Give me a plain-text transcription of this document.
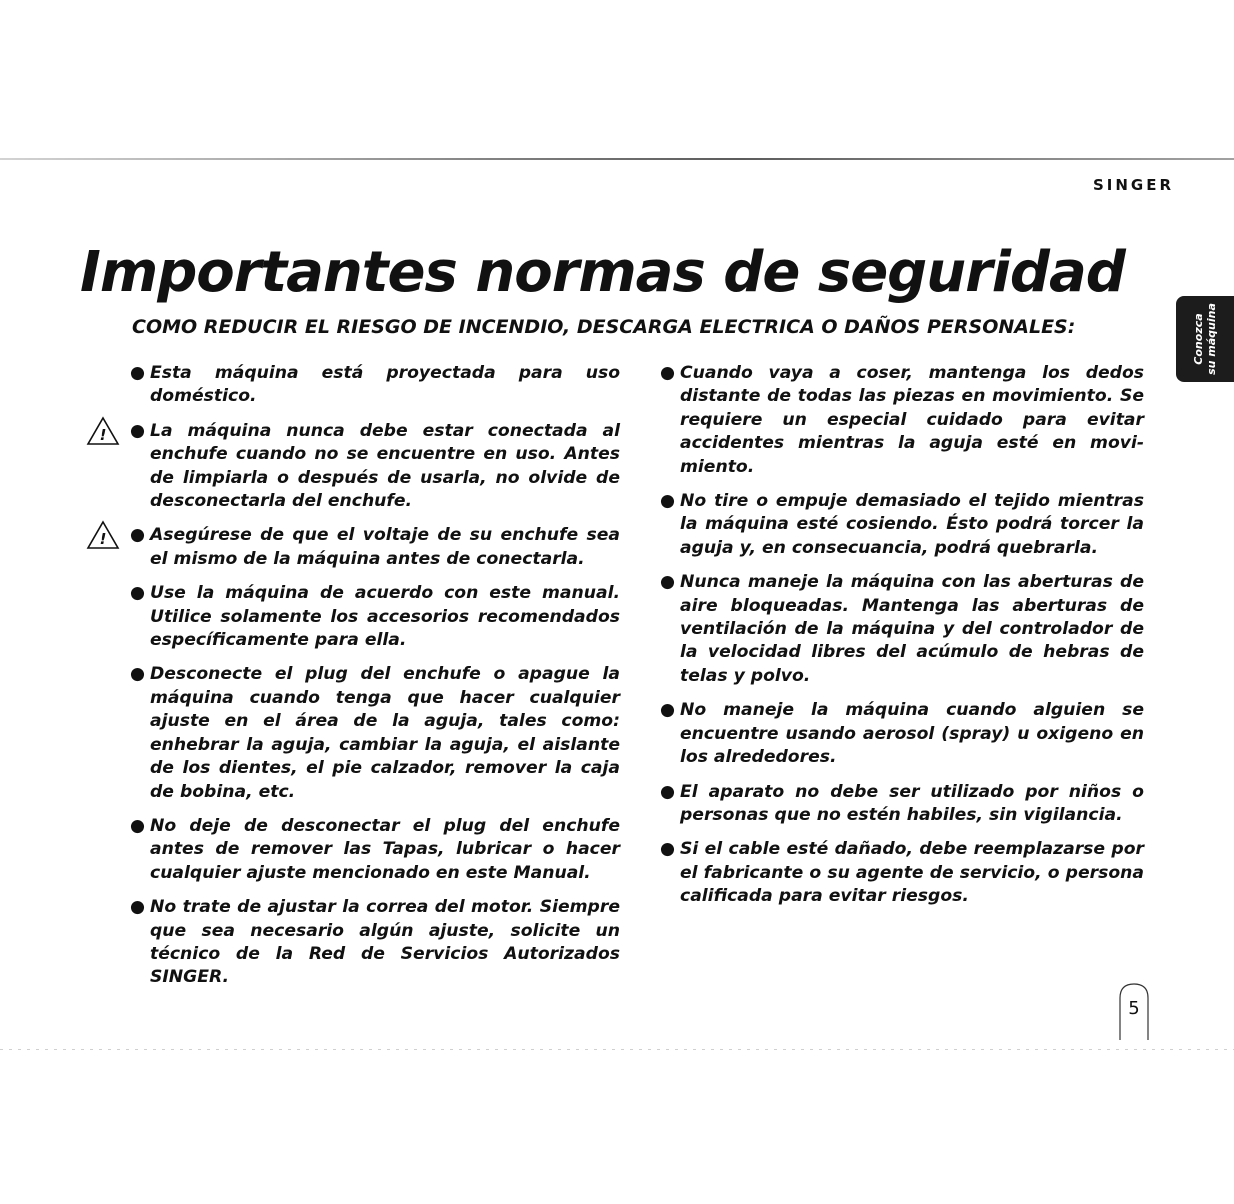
SINGER
Importantes normas de seguridad
COMO REDUCIR EL RIESGO DE INCENDIO, DESCARGA ELECTRICA O DAÑOS PERSONALES:	Conozca su máquina
● Esta máquina está proyectada para uso doméstico.
! ● La máquina nunca debe estar conectada al enchufe cuando no se encuentre en uso. Antes de limpiarla o después de usarla, no olvide de desconectarla del enchufe.
! ● Asegúrese de que el voltaje de su enchufe sea el mismo de la máquina antes de conectarla.
● Use la máquina de acuerdo con este manual. Utilice solamente los accesorios recomendados específicamente para ella.
● Desconecte el plug del enchufe o apague la máquina cuando tenga que hacer cualquier ajuste en el área de la aguja, tales como: enhebrar la aguja, cambiar la aguja, el aislante de los dientes, el pie calzador, remover la caja de bobina, etc.
● No deje de desconectar el plug del enchufe antes de remover las Tapas, lubricar o hacer cualquier ajuste mencionado en este Manual.
● No trate de ajustar la correa del motor. Siempre que sea necesario algún ajuste, solicite un técnico de la Red de Servicios Autorizados SINGER.
● Cuando vaya a coser, mantenga los dedos distante de todas las piezas en movimiento. Se requiere un especial cuidado para evitar accidentes mientras la aguja esté en movi-miento.
● No tire o empuje demasiado el tejido mientras la máquina esté cosiendo. Ésto podrá torcer la aguja y, en consecuancia, podrá quebrarla.
● Nunca maneje la máquina con las aberturas de aire bloqueadas. Mantenga las aberturas de ventilación de la máquina y del controlador de la velocidad libres del acúmulo de hebras de telas y polvo.
● No maneje la máquina cuando alguien se encuentre usando aerosol (spray) u oxigeno en los alrededores.
● El aparato no debe ser utilizado por niños o personas que no estén habiles, sin vigilancia.
● Si el cable esté dañado, debe reemplazarse por el fabricante o su agente de servicio, o persona calificada para evitar riesgos.
5
